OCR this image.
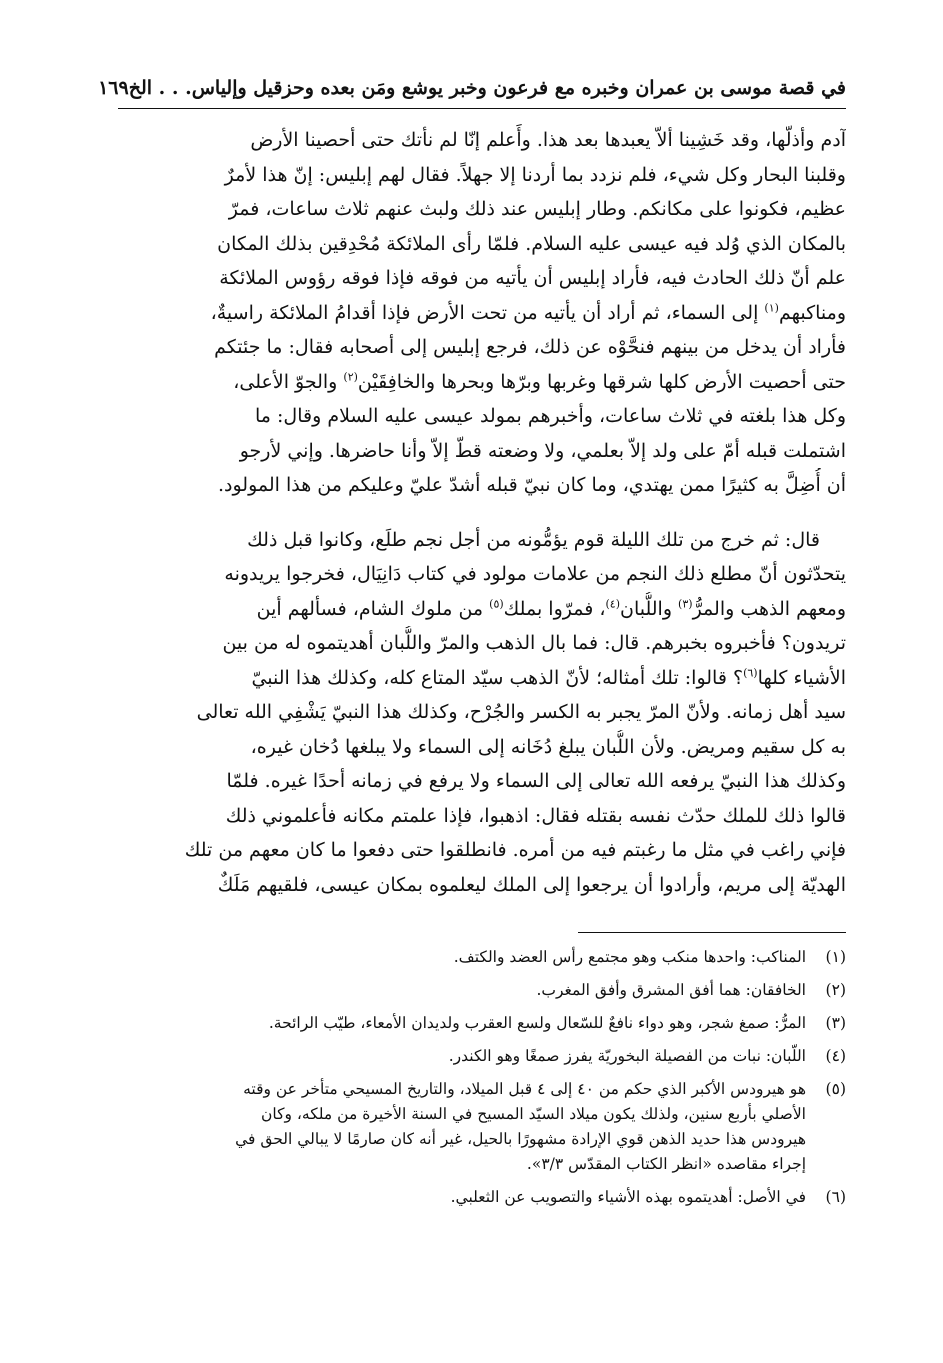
في قصة موسى بن عمران وخبره مع فرعون وخبر يوشع ومَن بعده وحزقيل وإلياس. . . الخ
١٦٩
آدم وأذلّها، وقد خَشِينا ألاّ يعبدها بعد هذا. وأَعلم إنّا لم نأتك حتى أحصينا الأرض
وقلبنا البحار وكل شيء، فلم نزدد بما أردنا إلا جهلاً. فقال لهم إبليس: إنّ هذا لأمرٌ
عظيم، فكونوا على مكانكم. وطار إبليس عند ذلك ولبث عنهم ثلاث ساعات، فمرّ
بالمكان الذي وُلد فيه عيسى عليه السلام. فلمّا رأى الملائكة مُحْدِقين بذلك المكان
علم أنّ ذلك الحادث فيه، فأراد إبليس أن يأتيه من فوقه فإذا فوقه رؤوس الملائكة
ومناكبهم$^{(١)}$ إلى السماء، ثم أراد أن يأتيه من تحت الأرض فإذا أقدامُ الملائكة راسيةٌ،
فأراد أن يدخل من بينهم فنحَّوْه عن ذلك، فرجع إبليس إلى أصحابه فقال: ما جئتكم
حتى أحصيت الأرض كلها شرقها وغربها وبرّها وبحرها والخافِقَيْن$^{(٢)}$ والجوّ الأعلى،
وكل هذا بلغته في ثلاث ساعات، وأخبرهم بمولد عيسى عليه السلام وقال: ما
اشتملت قبله أمّ على ولد إلاّ بعلمي، ولا وضعته قطّ إلاّ وأنا حاضرها. وإني لأرجو
أن أُضِلَّ به كثيرًا ممن يهتدي، وما كان نبيّ قبله أشدّ عليّ وعليكم من هذا المولود.
قال: ثم خرج من تلك الليلة قوم يؤمُّونه من أجل نجم طلَع، وكانوا قبل ذلك
يتحدّثون أنّ مطلع ذلك النجم من علامات مولود في كتاب دَانِيَال، فخرجوا يريدونه
ومعهم الذهب والمرُّ$^{(٣)}$ واللُّبان$^{(٤)}$، فمرّوا بملك$^{(٥)}$ من ملوك الشام، فسألهم أين
تريدون؟ فأخبروه بخبرهم. قال: فما بال الذهب والمرّ واللُّبان أهديتموه له من بين
الأشياء كلها$^{(٦)}$؟ قالوا: تلك أمثاله؛ لأنّ الذهب سيّد المتاع كله، وكذلك هذا النبيّ
سيد أهل زمانه. ولأنّ المرّ يجبر به الكسر والجُرْح، وكذلك هذا النبيّ يَشْفِي الله تعالى
به كل سقيم ومريض. ولأن اللُّبان يبلغ دُخَانه إلى السماء ولا يبلغها دُخان غيره،
وكذلك هذا النبيّ يرفعه الله تعالى إلى السماء ولا يرفع في زمانه أحدًا غيره. فلمّا
قالوا ذلك للملك حدّث نفسه بقتله فقال: اذهبوا، فإذا علمتم مكانه فأعلموني ذلك
فإني راغب في مثل ما رغبتم فيه من أمره. فانطلقوا حتى دفعوا ما كان معهم من تلك
الهديّة إلى مريم، وأرادوا أن يرجعوا إلى الملك ليعلموه بمكان عيسى، فلقيهم مَلَكٌ
(١)
المناكب: واحدها منكب وهو مجتمع رأس العضد والكتف.
(٢)
الخافقان: هما أفق المشرق وأفق المغرب.
(٣)
المرُّ: صمغ شجر، وهو دواء نافعٌ للسّعال ولسع العقرب ولديدان الأمعاء، طيّب الرائحة.
(٤)
اللّبان: نبات من الفصيلة البخوريّة يفرز صمغًا وهو الكندر.
(٥)
هو هيرودس الأكبر الذي حكم من ٤٠ إلى ٤ قبل الميلاد، والتاريخ المسيحي متأخر عن وقته
الأصلي بأربع سنين، ولذلك يكون ميلاد السيّد المسيح في السنة الأخيرة من ملكه، وكان
هيرودس هذا حديد الذهن قوي الإرادة مشهورًا بالحيل، غير أنه كان صارمًا لا يبالي الحق في
إجراء مقاصده «انظر الكتاب المقدّس ٣/٣».
(٦)
في الأصل: أهديتموه بهذه الأشياء والتصويب عن الثعلبي.
